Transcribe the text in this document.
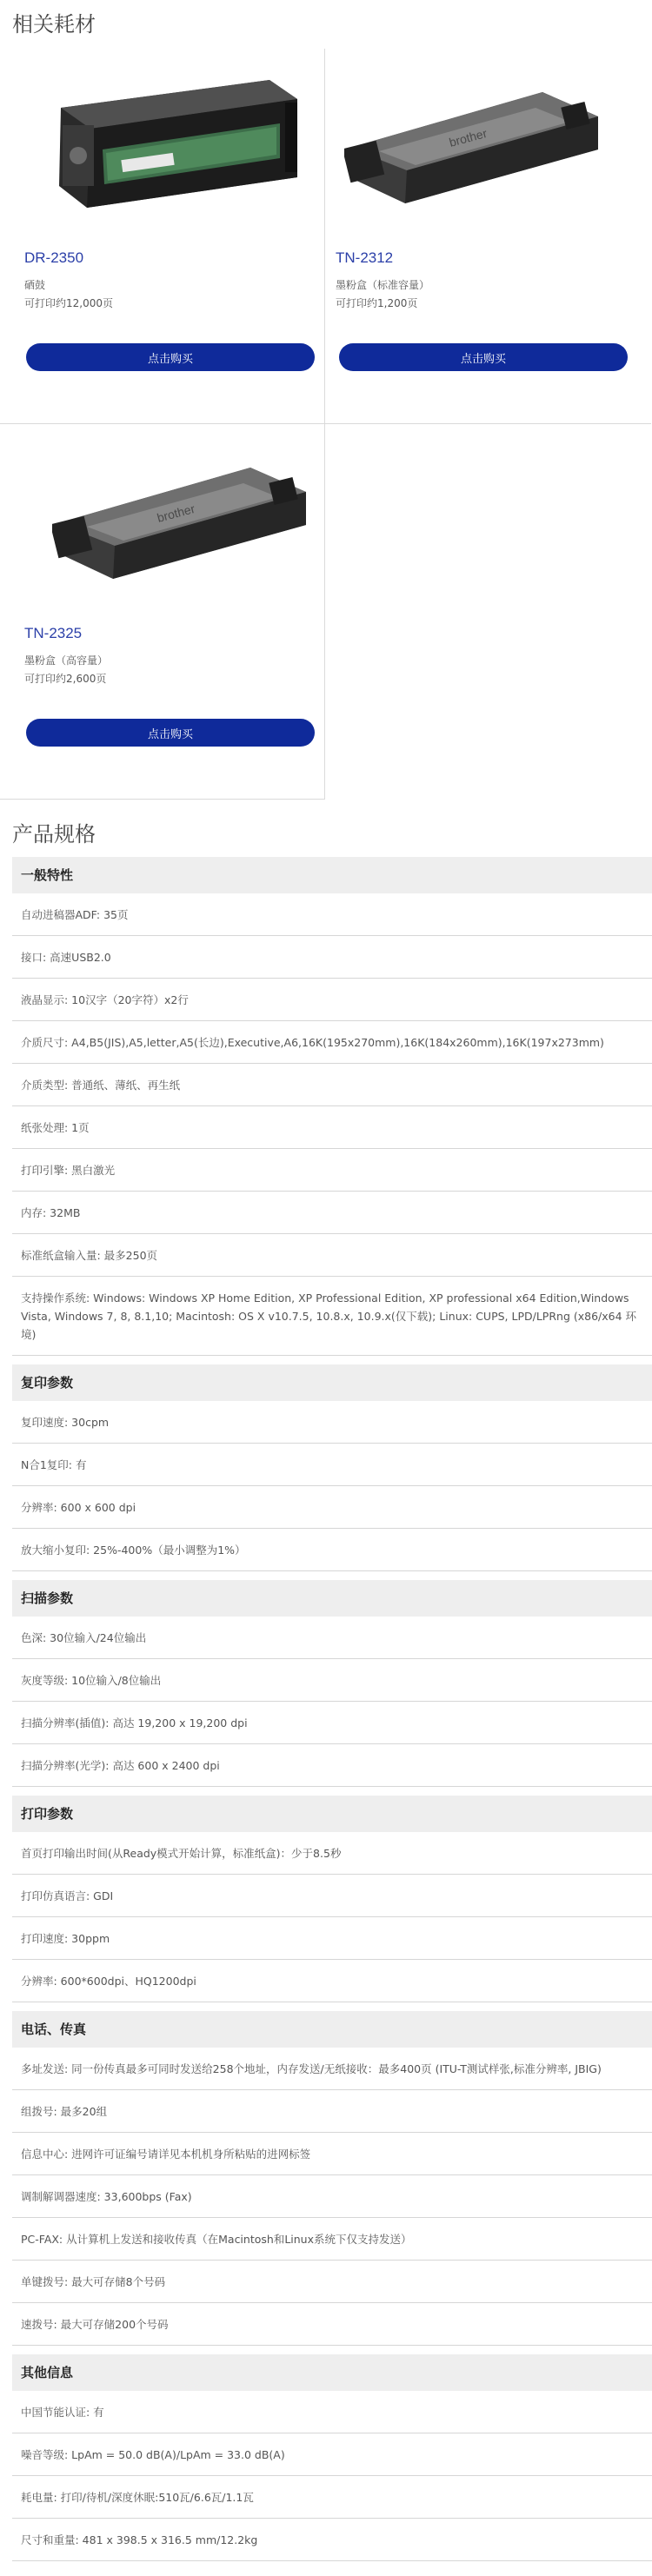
相关耗材
DR-2350
硒鼓
可打印约12,000页
点击购买
brother
TN-2312
墨粉盒（标准容量）
可打印约1,200页
点击购买
brother
TN-2325
墨粉盒（高容量）
可打印约2,600页
点击购买
产品规格
一般特性
自动进稿器ADF: 35页
接口: 高速USB2.0
液晶显示: 10汉字（20字符）x2行
介质尺寸: A4,B5(JIS),A5,letter,A5(长边),Executive,A6,16K(195x270mm),16K(184x260mm),16K(197x273mm)
介质类型: 普通纸、薄纸、再生纸
纸张处理: 1页
打印引擎: 黑白激光
内存: 32MB
标准纸盒输入量: 最多250页
支持操作系统: Windows: Windows XP Home Edition, XP Professional Edition, XP professional x64 Edition,Windows Vista, Windows 7, 8, 8.1,10; Macintosh: OS X v10.7.5, 10.8.x, 10.9.x(仅下载); Linux: CUPS, LPD/LPRng (x86/x64 环境)
复印参数
复印速度: 30cpm
N合1复印: 有
分辨率: 600 x 600 dpi
放大缩小复印: 25%-400%（最小调整为1%）
扫描参数
色深: 30位输入/24位输出
灰度等级: 10位输入/8位输出
扫描分辨率(插值): 高达 19,200 x 19,200 dpi
扫描分辨率(光学): 高达 600 x 2400 dpi
打印参数
首页打印输出时间(从Ready模式开始计算，标准纸盒)：少于8.5秒
打印仿真语言: GDI
打印速度: 30ppm
分辨率: 600*600dpi、HQ1200dpi
电话、传真
多址发送: 同一份传真最多可同时发送给258个地址，内存发送/无纸接收：最多400页 (ITU-T测试样张,标准分辨率, JBIG)
组拨号: 最多20组
信息中心: 进网许可证编号请详见本机机身所粘贴的进网标签
调制解调器速度: 33,600bps (Fax)
PC-FAX: 从计算机上发送和接收传真（在Macintosh和Linux系统下仅支持发送）
单键拨号: 最大可存储8个号码
速拨号: 最大可存储200个号码
其他信息
中国节能认证: 有
噪音等级: LpAm = 50.0 dB(A)/LpAm = 33.0 dB(A)
耗电量: 打印/待机/深度休眠:510瓦/6.6瓦/1.1瓦
尺寸和重量: 481 x 398.5 x 316.5 mm/12.2kg
